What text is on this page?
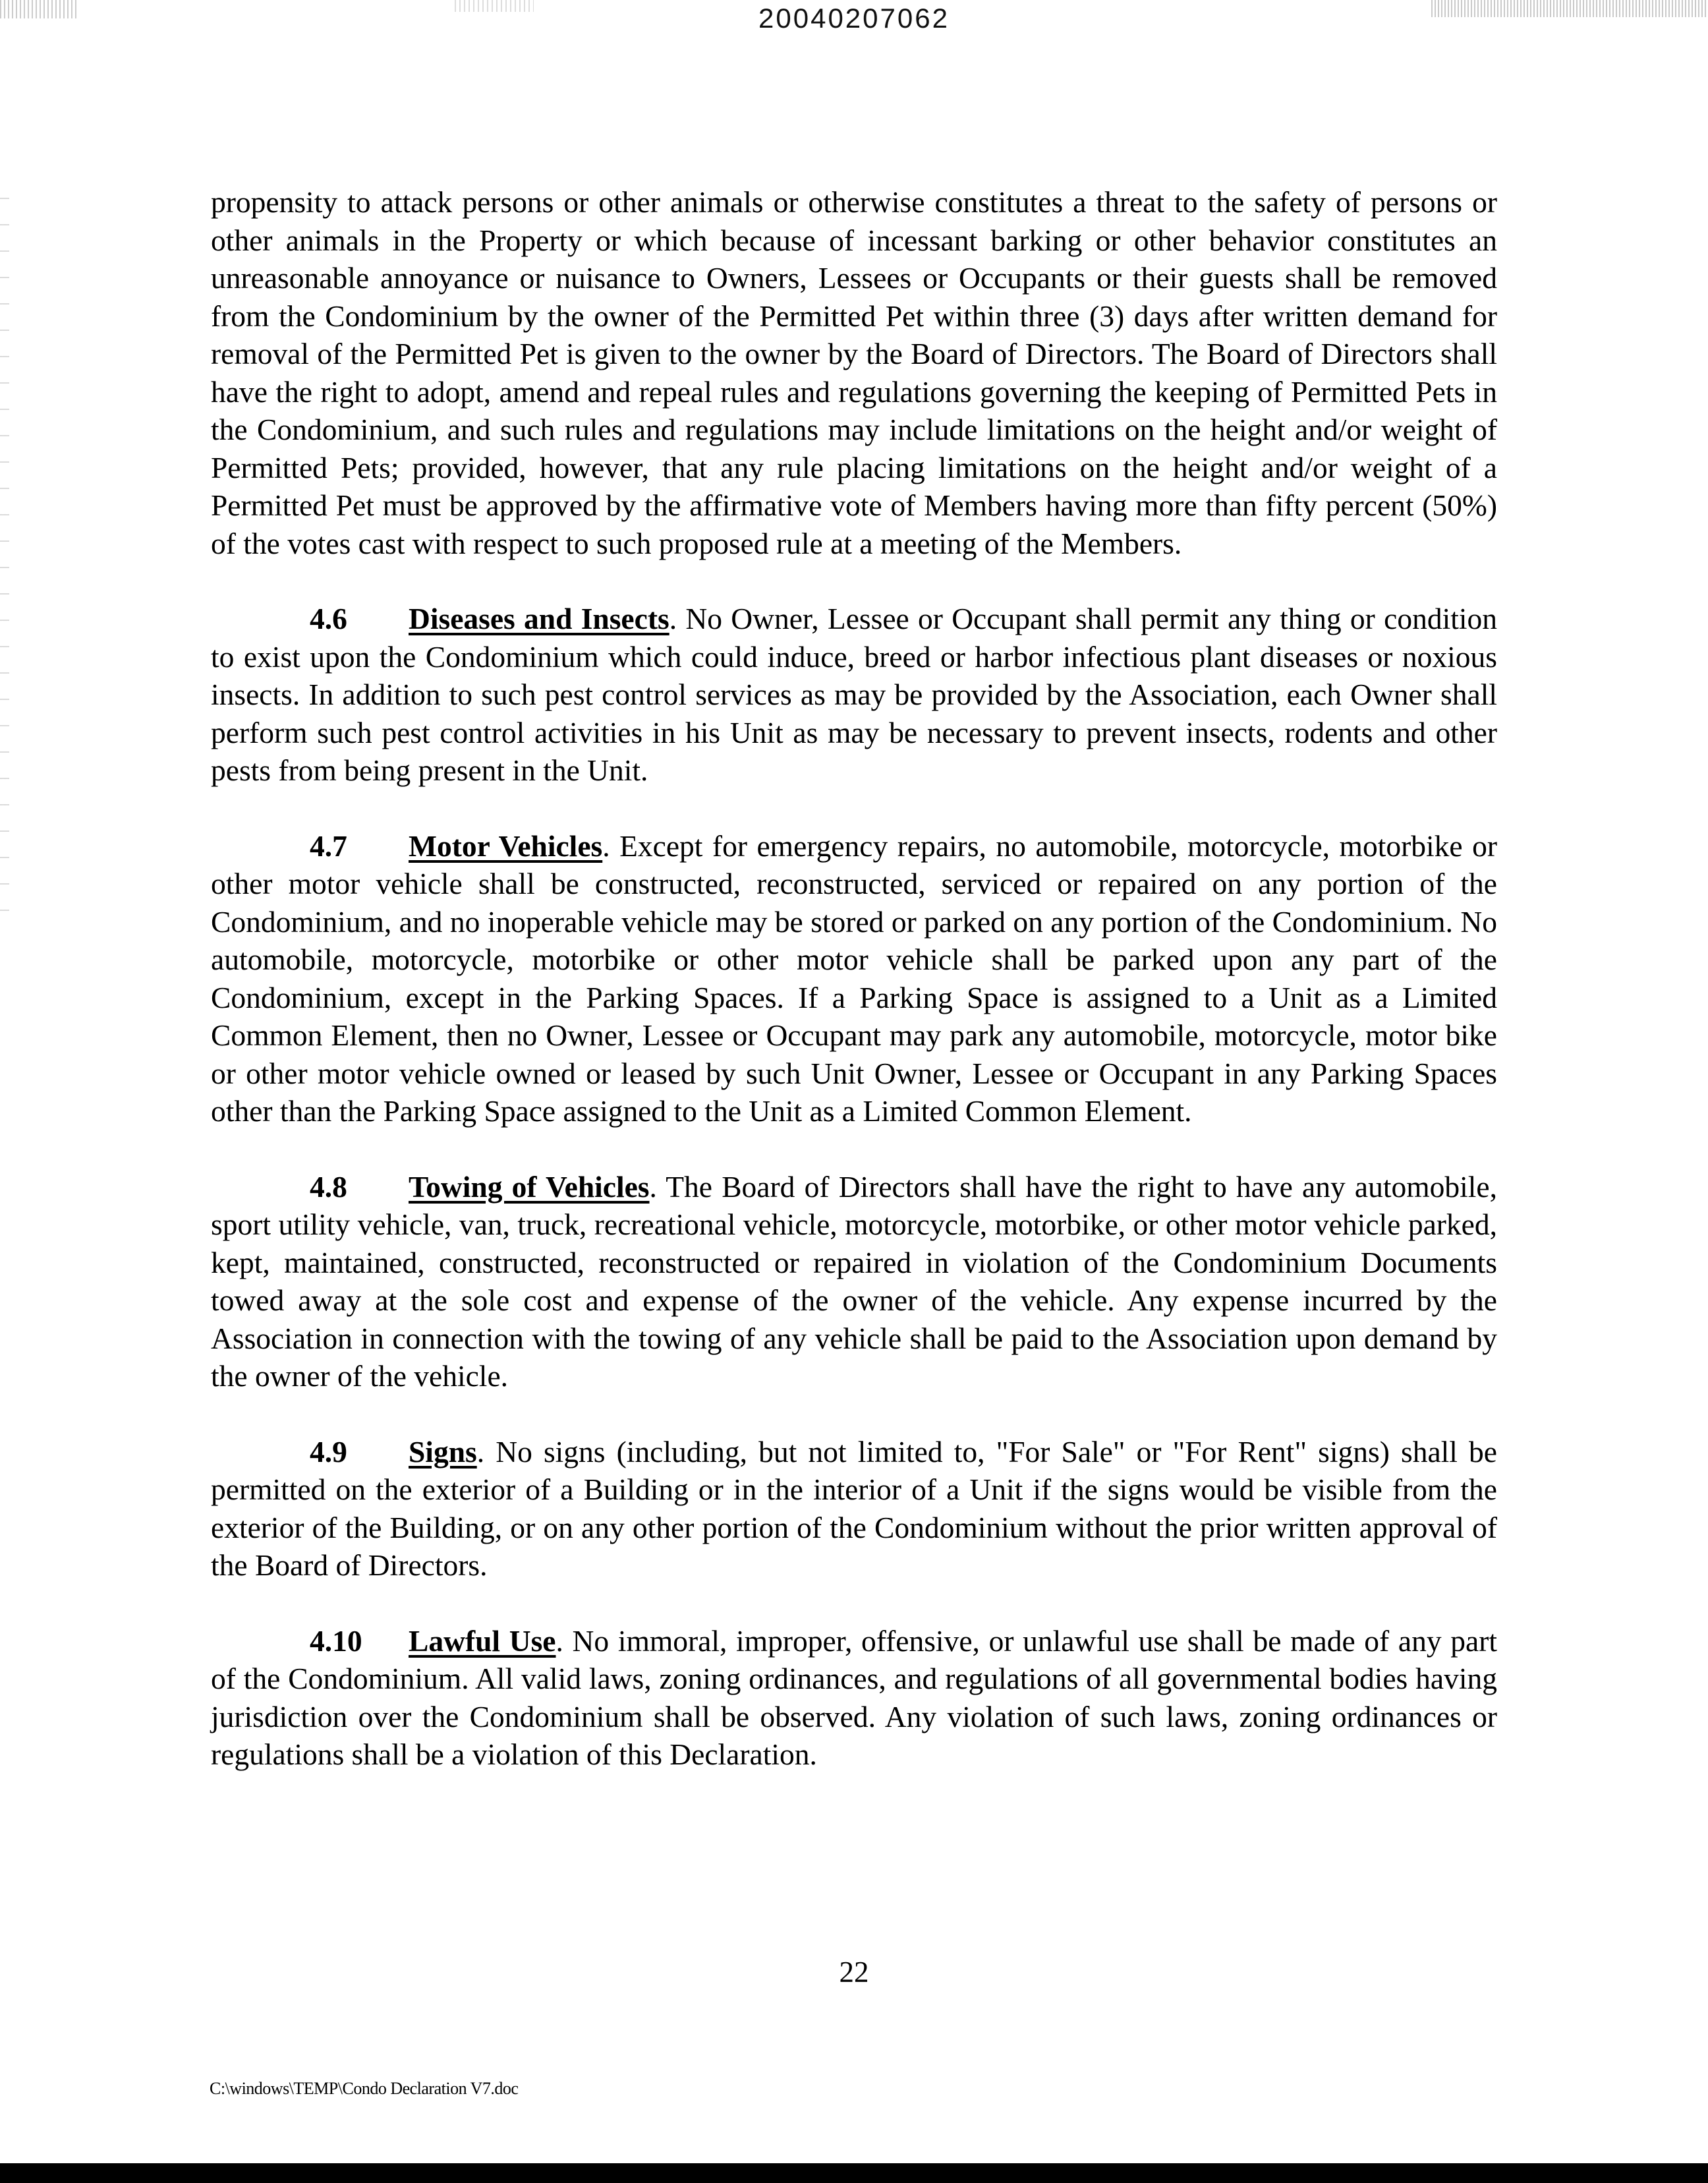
20040207062

propensity to attack persons or other animals or otherwise constitutes a threat to the safety of persons or other animals in the Property or which because of incessant barking or other behavior constitutes an unreasonable annoyance or nuisance to Owners, Lessees or Occupants or their guests shall be removed from the Condominium by the owner of the Permitted Pet within three (3) days after written demand for removal of the Permitted Pet is given to the owner by the Board of Directors. The Board of Directors shall have the right to adopt, amend and repeal rules and regulations governing the keeping of Permitted Pets in the Condominium, and such rules and regulations may include limitations on the height and/or weight of Permitted Pets; provided, however, that any rule placing limitations on the height and/or weight of a Permitted Pet must be approved by the affirmative vote of Members having more than fifty percent (50%) of the votes cast with respect to such proposed rule at a meeting of the Members.

4.6 Diseases and Insects. No Owner, Lessee or Occupant shall permit any thing or condition to exist upon the Condominium which could induce, breed or harbor infectious plant diseases or noxious insects. In addition to such pest control services as may be provided by the Association, each Owner shall perform such pest control activities in his Unit as may be necessary to prevent insects, rodents and other pests from being present in the Unit.

4.7 Motor Vehicles. Except for emergency repairs, no automobile, motorcycle, motorbike or other motor vehicle shall be constructed, reconstructed, serviced or repaired on any portion of the Condominium, and no inoperable vehicle may be stored or parked on any portion of the Condominium. No automobile, motorcycle, motorbike or other motor vehicle shall be parked upon any part of the Condominium, except in the Parking Spaces. If a Parking Space is assigned to a Unit as a Limited Common Element, then no Owner, Lessee or Occupant may park any automobile, motorcycle, motor bike or other motor vehicle owned or leased by such Unit Owner, Lessee or Occupant in any Parking Spaces other than the Parking Space assigned to the Unit as a Limited Common Element.

4.8 Towing of Vehicles. The Board of Directors shall have the right to have any automobile, sport utility vehicle, van, truck, recreational vehicle, motorcycle, motorbike, or other motor vehicle parked, kept, maintained, constructed, reconstructed or repaired in violation of the Condominium Documents towed away at the sole cost and expense of the owner of the vehicle. Any expense incurred by the Association in connection with the towing of any vehicle shall be paid to the Association upon demand by the owner of the vehicle.

4.9 Signs. No signs (including, but not limited to, "For Sale" or "For Rent" signs) shall be permitted on the exterior of a Building or in the interior of a Unit if the signs would be visible from the exterior of the Building, or on any other portion of the Condominium without the prior written approval of the Board of Directors.

4.10 Lawful Use. No immoral, improper, offensive, or unlawful use shall be made of any part of the Condominium. All valid laws, zoning ordinances, and regulations of all governmental bodies having jurisdiction over the Condominium shall be observed. Any violation of such laws, zoning ordinances or regulations shall be a violation of this Declaration.

22
C:\windows\TEMP\Condo Declaration V7.doc
